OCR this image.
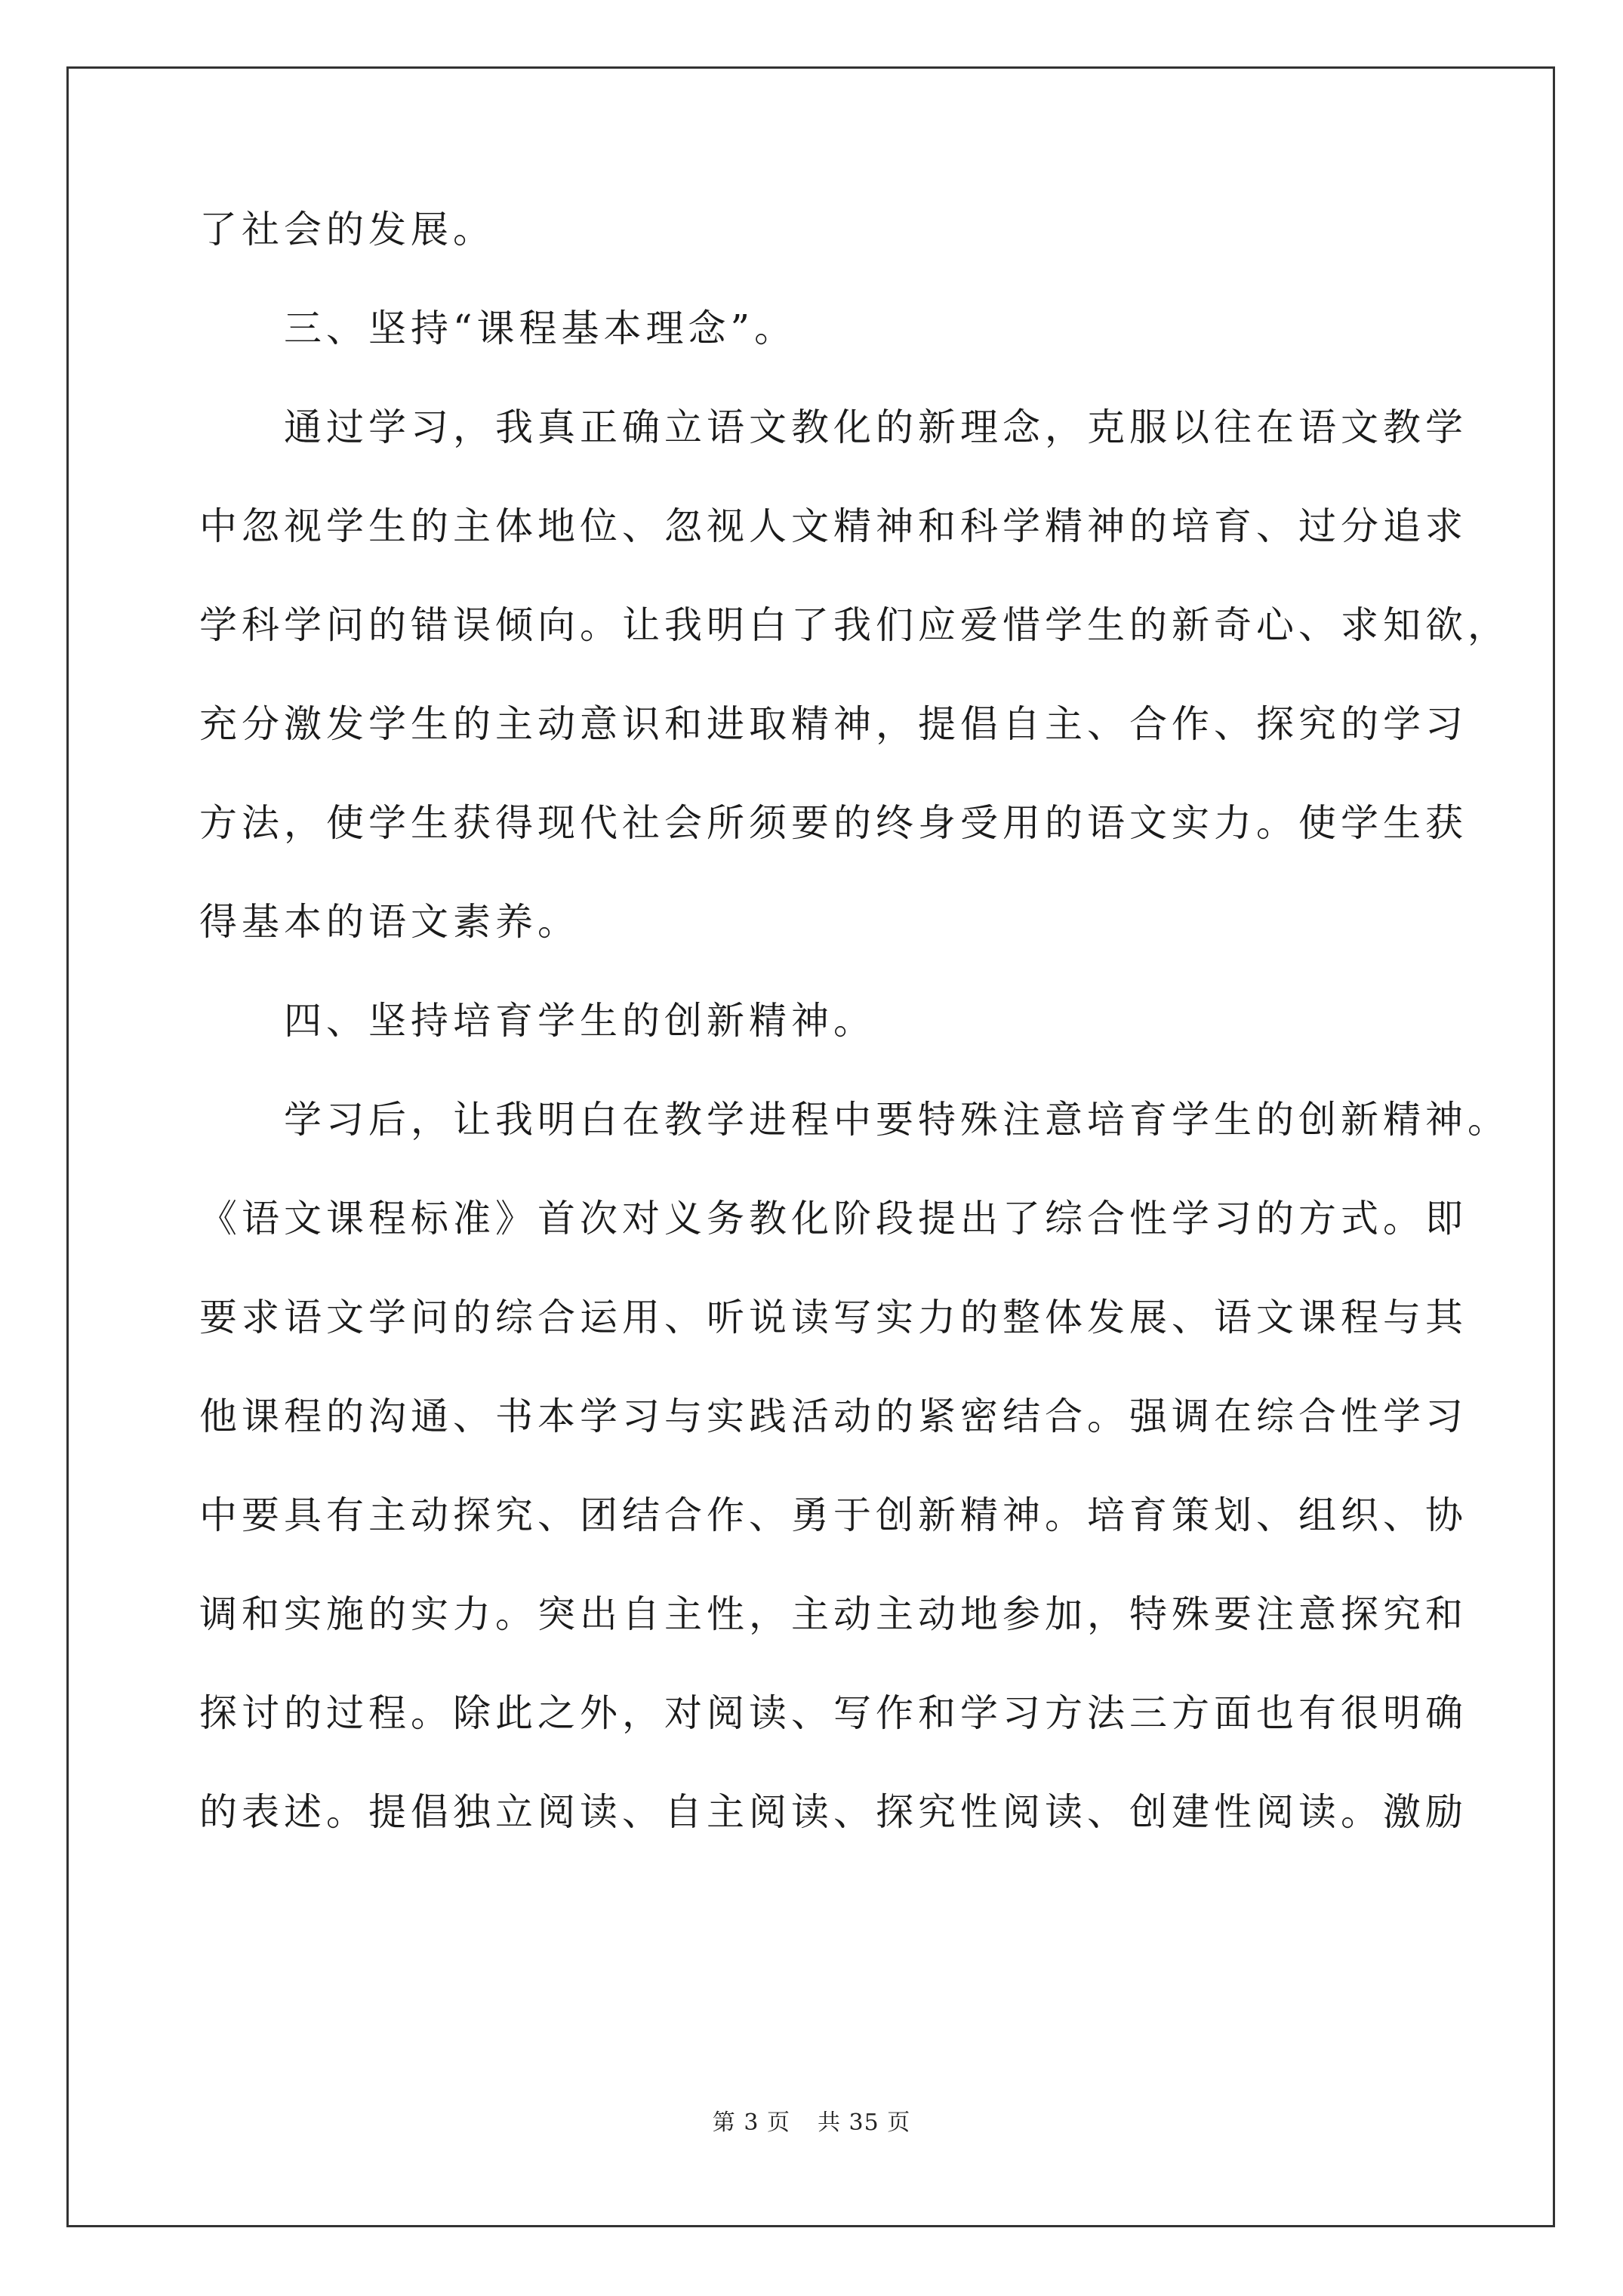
了社会的发展。
三、坚持“课程基本理念”。
通过学习，我真正确立语文教化的新理念，克服以往在语文教学
中忽视学生的主体地位、忽视人文精神和科学精神的培育、过分追求
学科学问的错误倾向。让我明白了我们应爱惜学生的新奇心、求知欲，
充分激发学生的主动意识和进取精神，提倡自主、合作、探究的学习
方法，使学生获得现代社会所须要的终身受用的语文实力。使学生获
得基本的语文素养。
四、坚持培育学生的创新精神。
学习后，让我明白在教学进程中要特殊注意培育学生的创新精神。
《语文课程标准》首次对义务教化阶段提出了综合性学习的方式。即
要求语文学问的综合运用、听说读写实力的整体发展、语文课程与其
他课程的沟通、书本学习与实践活动的紧密结合。强调在综合性学习
中要具有主动探究、团结合作、勇于创新精神。培育策划、组织、协
调和实施的实力。突出自主性，主动主动地参加，特殊要注意探究和
探讨的过程。除此之外，对阅读、写作和学习方法三方面也有很明确
的表述。提倡独立阅读、自主阅读、探究性阅读、创建性阅读。激励
第 3 页 共 35 页
